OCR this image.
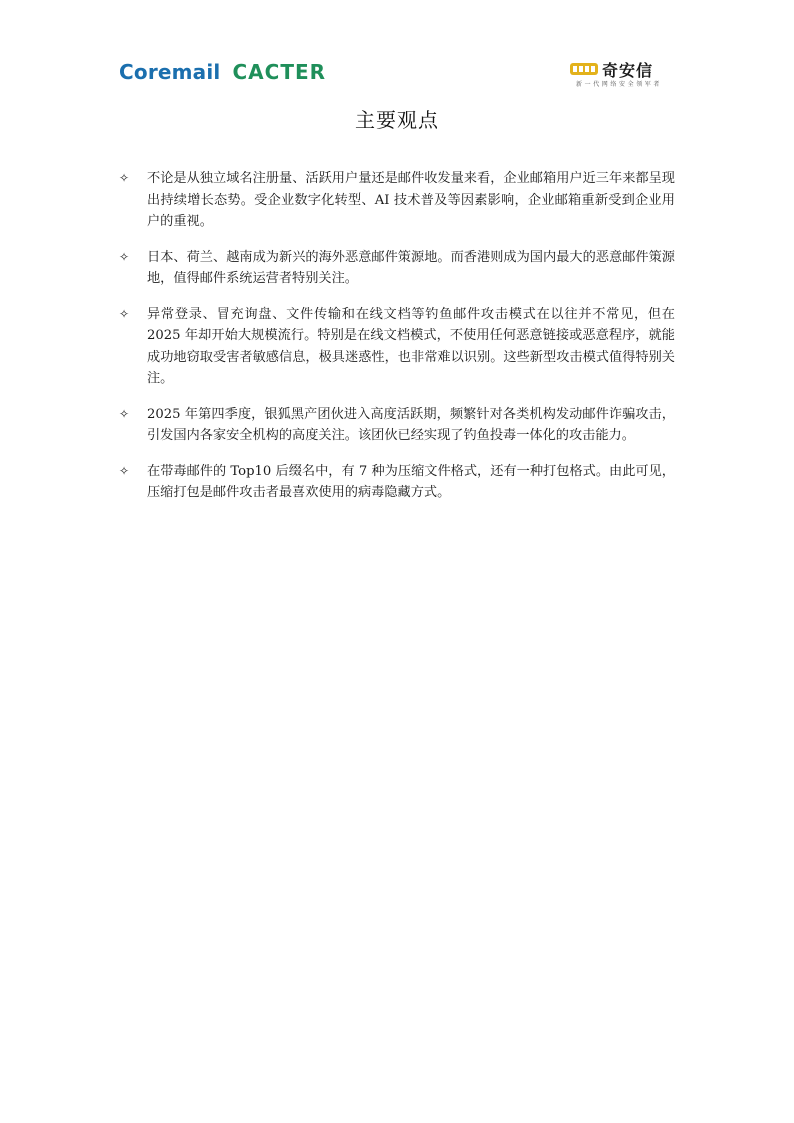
Coremail CACTER	奇安信
新一代网络安全领军者
主要观点
✧ 不论是从独立域名注册量、活跃用户量还是邮件收发量来看，企业邮箱用户近三年来都呈现出持续增长态势。受企业数字化转型、AI 技术普及等因素影响，企业邮箱重新受到企业用户的重视。
✧ 日本、荷兰、越南成为新兴的海外恶意邮件策源地。而香港则成为国内最大的恶意邮件策源地，值得邮件系统运营者特别关注。
✧ 异常登录、冒充询盘、文件传输和在线文档等钓鱼邮件攻击模式在以往并不常见，但在2025 年却开始大规模流行。特别是在线文档模式，不使用任何恶意链接或恶意程序，就能成功地窃取受害者敏感信息，极具迷惑性，也非常难以识别。这些新型攻击模式值得特别关注。
✧ 2025 年第四季度，银狐黑产团伙进入高度活跃期，频繁针对各类机构发动邮件诈骗攻击，引发国内各家安全机构的高度关注。该团伙已经实现了钓鱼投毒一体化的攻击能力。
✧ 在带毒邮件的 Top10 后缀名中，有 7 种为压缩文件格式，还有一种打包格式。由此可见，压缩打包是邮件攻击者最喜欢使用的病毒隐藏方式。
